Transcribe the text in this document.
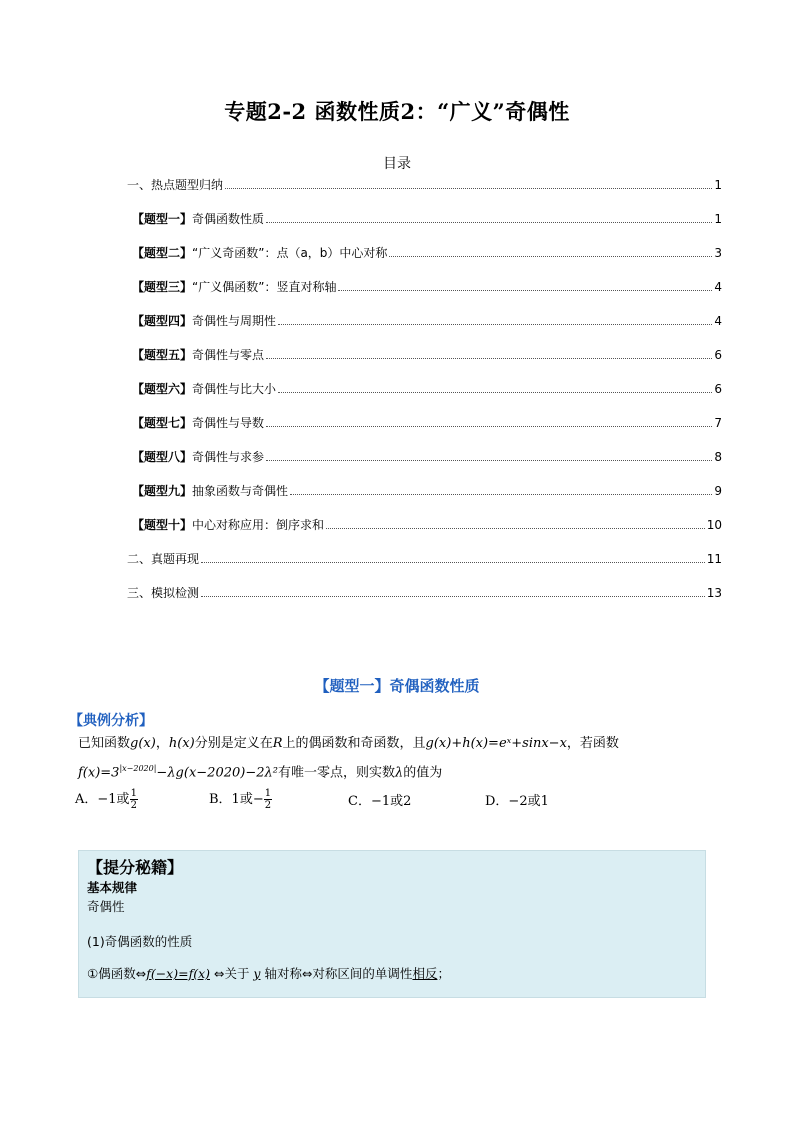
专题2-2 函数性质2：“广义”奇偶性
目录
一、热点题型归纳	1
【题型一】奇偶函数性质	1
【题型二】“广义奇函数”：点（a，b）中心对称	3
【题型三】“广义偶函数”：竖直对称轴	4
【题型四】奇偶性与周期性	4
【题型五】奇偶性与零点	6
【题型六】奇偶性与比大小	6
【题型七】奇偶性与导数	7
【题型八】奇偶性与求参	8
【题型九】抽象函数与奇偶性	9
【题型十】中心对称应用：倒序求和	10
二、真题再现	11
三、模拟检测	13
【题型一】奇偶函数性质
【典例分析】
已知函数g(x)，h(x)分别是定义在R上的偶函数和奇函数，且g(x)+h(x)=eˣ+sinx−x，若函数
$f(x)=3^{|x-2020|}-\lambda g(x-2020)-2\lambda^2$有唯一零点，则实数λ的值为
A．−1或 $\frac{1}{2}$	B．1或− $\frac{1}{2}$	C．−1或2	D．−2或1
【提分秘籍】
基本规律
奇偶性
(1)奇偶函数的性质
①偶函数⇔f(−x)=f(x) ⇔关于 y 轴对称⇔对称区间的单调性相反；
